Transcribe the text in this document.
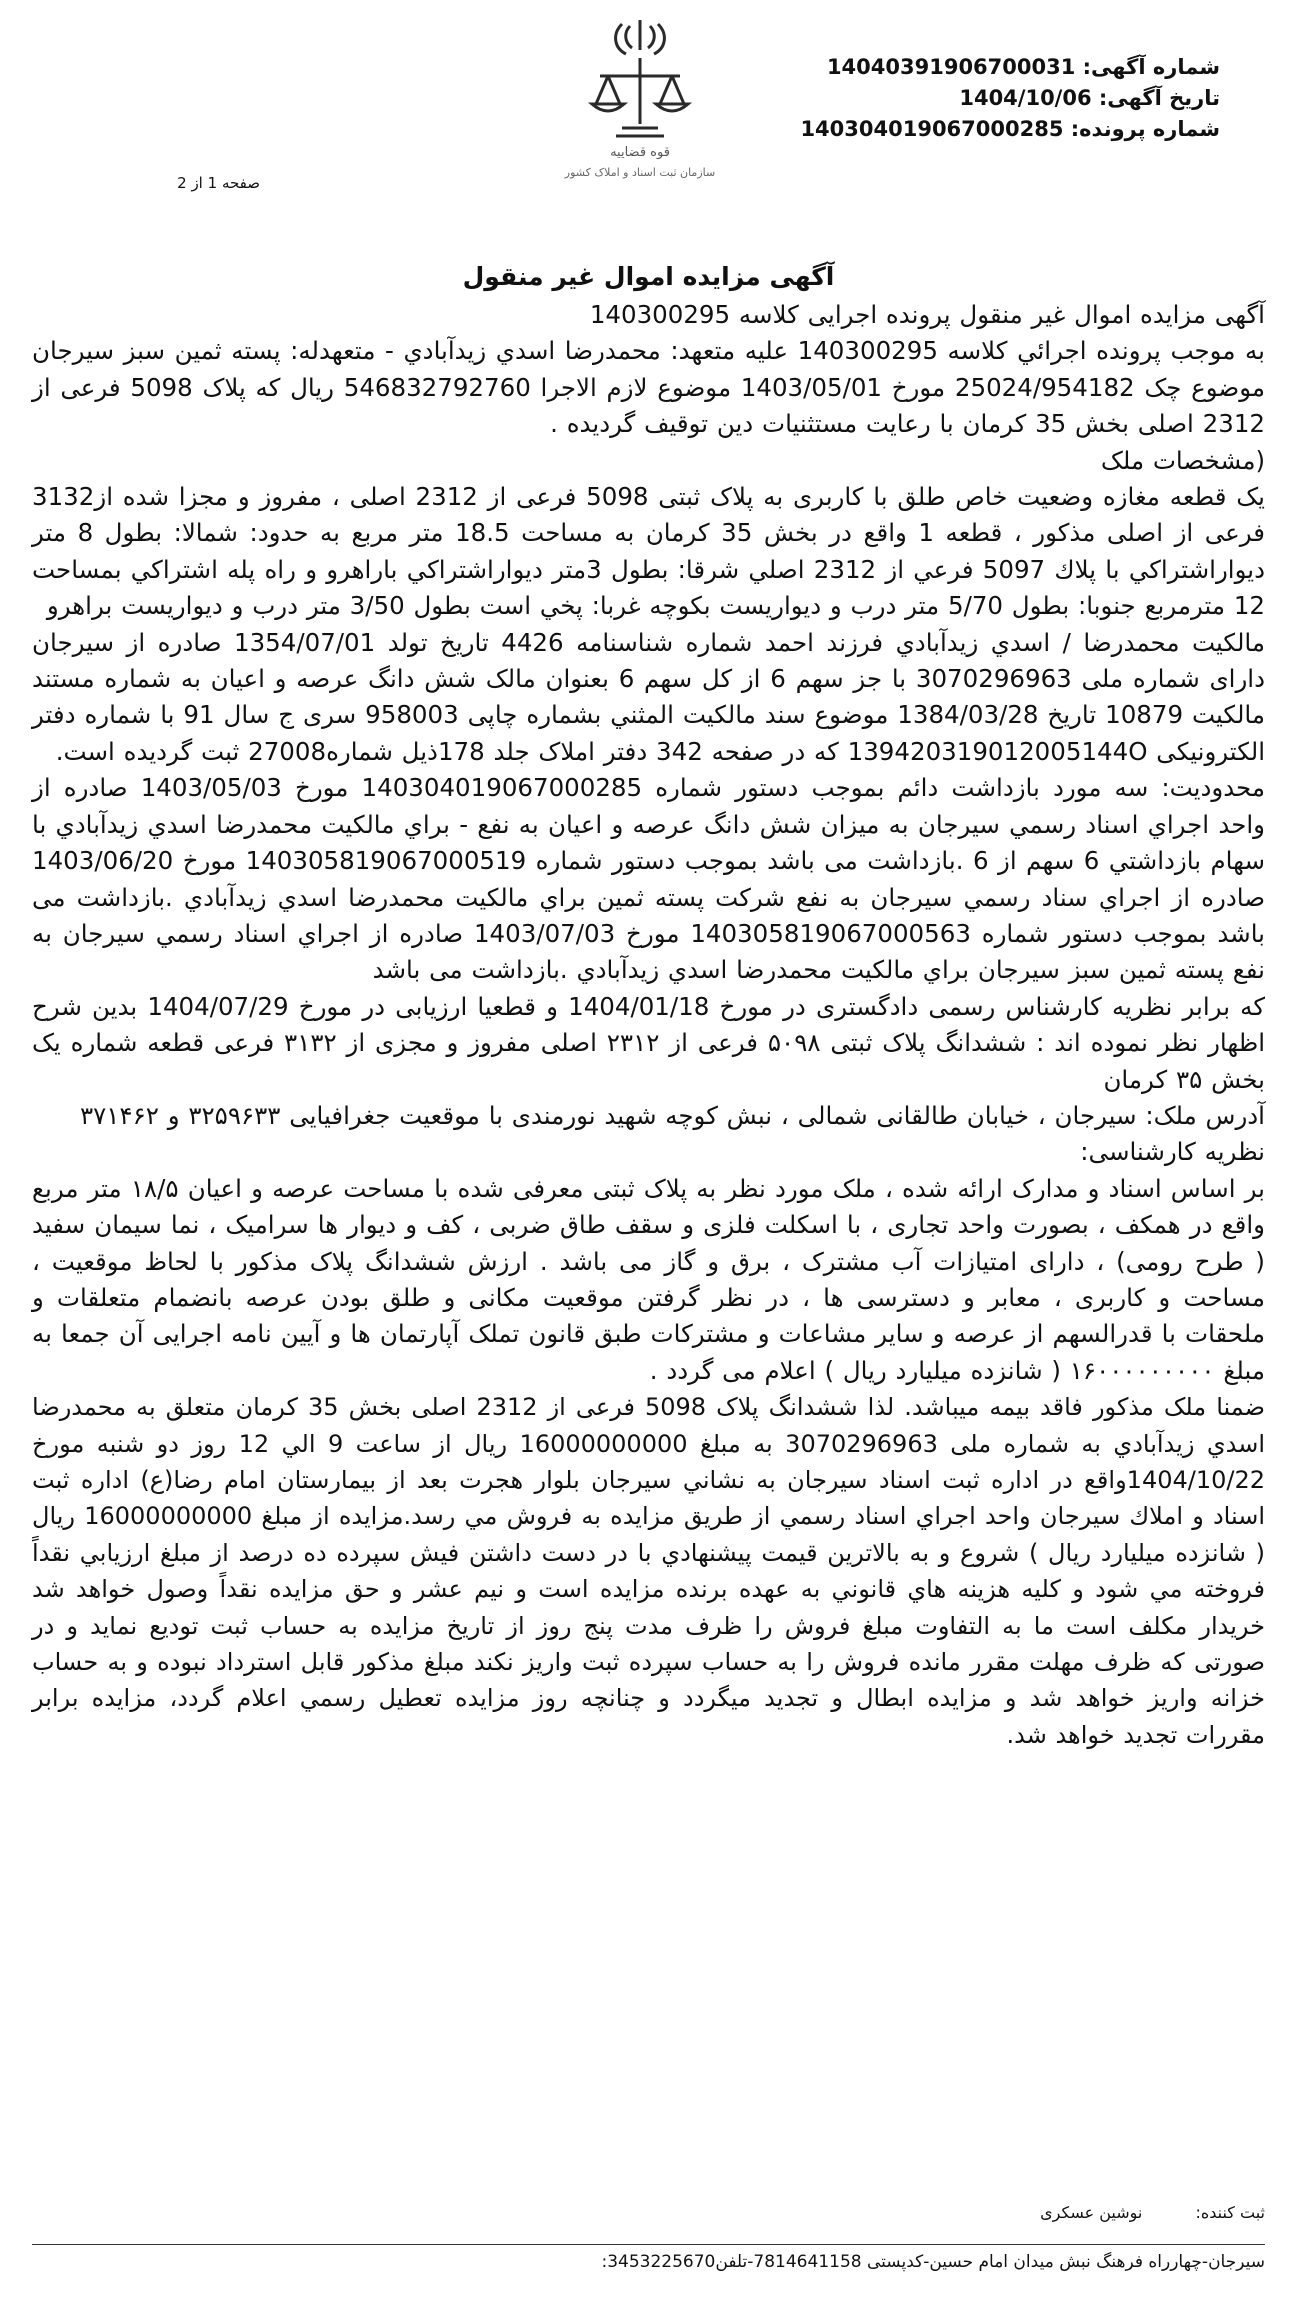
قوه قضاییه
سازمان ثبت اسناد و املاک کشور
صفحه 1 از 2
شماره آگهی: 14040391906700031
تاریخ آگهی: 1404/10/06
شماره پرونده: 140304019067000285
آگهی مزایده اموال غیر منقول

آگهی مزایده اموال غیر منقول پرونده اجرایی کلاسه 140300295

به موجب پرونده اجرائي كلاسه 140300295 عليه متعهد: محمدرضا اسدي زيدآبادي - متعهدله: پسته ثمين سبز سيرجان موضوع چک 25024/954182 مورخ 1403/05/01 موضوع لازم الاجرا 546832792760 ريال که پلاک 5098 فرعی از 2312 اصلی بخش 35 كرمان با رعايت مستثنيات دين توقيف گرديده .

(مشخصات ملک

یک قطعه مغازه وضعیت خاص طلق با کاربری به پلاک ثبتی 5098 فرعی از 2312 اصلی ، مفروز و مجزا شده از3132 فرعی از اصلی مذکور ، قطعه 1 واقع در بخش 35 کرمان به مساحت 18.5 متر مربع به حدود: شمالا: بطول 8 متر ديواراشتراكي با پلاك 5097 فرعي از 2312 اصلي شرقا: بطول 3متر ديواراشتراكي باراهرو و راه پله اشتراكي بمساحت 12 مترمربع جنوبا: بطول 5/70 متر درب و ديواريست بكوچه غربا: پخي است بطول 3/50 متر درب و ديواريست براهرو

مالكيت محمدرضا / اسدي زيدآبادي فرزند احمد شماره شناسنامه 4426 تاريخ تولد 1354/07/01 صادره از سیرجان دارای شماره ملی 3070296963 با جز سهم 6 از کل سهم 6 بعنوان مالک شش دانگ عرصه و اعيان به شماره مستند مالکیت 10879 تاریخ 1384/03/28 موضوع سند مالكيت المثني بشماره چاپی 958003 سری ج سال 91 با شماره دفتر الکترونیکی 139420319012005144O که در صفحه 342 دفتر املاک جلد 178ذیل شماره27008 ثبت گردیده است.

محدوديت: سه مورد بازداشت دائم بموجب دستور شماره 140304019067000285 مورخ 1403/05/03 صادره از واحد اجراي اسناد رسمي سيرجان به ميزان شش دانگ عرصه و اعيان به نفع - براي مالكيت محمدرضا اسدي زيدآبادي با سهام بازداشتي 6 سهم از 6 .بازداشت می باشد بموجب دستور شماره 140305819067000519 مورخ 1403/06/20 صادره از اجراي سناد رسمي سيرجان به نفع شركت پسته ثمين براي مالكيت محمدرضا اسدي زيدآبادي .بازداشت می باشد بموجب دستور شماره 140305819067000563 مورخ 1403/07/03 صادره از اجراي اسناد رسمي سيرجان به نفع پسته ثمين سبز سيرجان براي مالكيت محمدرضا اسدي زيدآبادي .بازداشت می باشد

که برابر نظریه کارشناس رسمی دادگستری در مورخ 1404/01/18 و قطعیا ارزیابی در مورخ 1404/07/29 بدین شرح اظهار نظر نموده اند : ششدانگ پلاک ثبتی ۵۰۹۸ فرعی از ۲۳۱۲ اصلی مفروز و مجزی از ۳۱۳۲ فرعی قطعه شماره یک بخش ۳۵ کرمان

آدرس ملک: سیرجان ، خیابان طالقانی شمالی ، نبش کوچه شهید نورمندی با موقعیت جغرافیایی ۳۲۵۹۶۳۳ و ۳۷۱۴۶۲

نظریه کارشناسی:

بر اساس اسناد و مدارک ارائه شده ، ملک مورد نظر به پلاک ثبتی معرفی شده با مساحت عرصه و اعیان ۱۸/۵ متر مربع واقع در همکف ، بصورت واحد تجاری ، با اسکلت فلزی و سقف طاق ضربی ، کف و دیوار ها سرامیک ، نما سیمان سفید ( طرح رومی) ، دارای امتیازات آب مشترک ، برق و گاز می باشد . ارزش ششدانگ پلاک مذکور با لحاظ موقعیت ، مساحت و کاربری ، معابر و دسترسی ها ، در نظر گرفتن موقعیت مکانی و طلق بودن عرصه بانضمام متعلقات و ملحقات با قدرالسهم از عرصه و سایر مشاعات و مشترکات طبق قانون تملک آپارتمان ها و آیین نامه اجرایی آن جمعا به مبلغ ۱۶۰۰۰۰۰۰۰۰۰ ( شانزده میلیارد ریال ) اعلام می گردد .

ضمنا ملک مذکور فاقد بیمه میباشد. لذا ششدانگ پلاک 5098 فرعی از 2312 اصلی بخش 35 كرمان متعلق به محمدرضا اسدي زيدآبادي به شماره ملی 3070296963 به مبلغ 16000000000 ريال از ساعت 9 الي 12 روز دو شنبه مورخ 1404/10/22واقع در اداره ثبت اسناد سيرجان به نشاني سيرجان بلوار هجرت بعد از بيمارستان امام رضا(ع) اداره ثبت اسناد و املاك سيرجان واحد اجراي اسناد رسمي از طريق مزايده به فروش مي رسد.مزايده از مبلغ 16000000000 ريال ( شانزده ميليارد ريال ) شروع و به بالاترين قيمت پيشنهادي با در دست داشتن فيش سپرده ده درصد از مبلغ ارزيابي نقداً فروخته مي شود و كليه هزينه هاي قانوني به عهده برنده مزايده است و نيم عشر و حق مزايده نقداً وصول خواهد شد خريدار مكلف است ما به التفاوت مبلغ فروش را ظرف مدت پنج روز از تاريخ مزايده به حساب ثبت توديع نمايد و در صورتی كه ظرف مهلت مقرر مانده فروش را به حساب سپرده ثبت واريز نكند مبلغ مذكور قابل استرداد نبوده و به حساب خزانه واريز خواهد شد و مزايده ابطال و تجديد ميگردد و چنانچه روز مزايده تعطيل رسمي اعلام گردد، مزايده برابر مقررات تجديد خواهد شد.

ثبت کننده: نوشین عسکری
سیرجان-چهارراه فرهنگ نبش میدان امام حسین-کدپستی 7814641158-تلفن3453225670:
